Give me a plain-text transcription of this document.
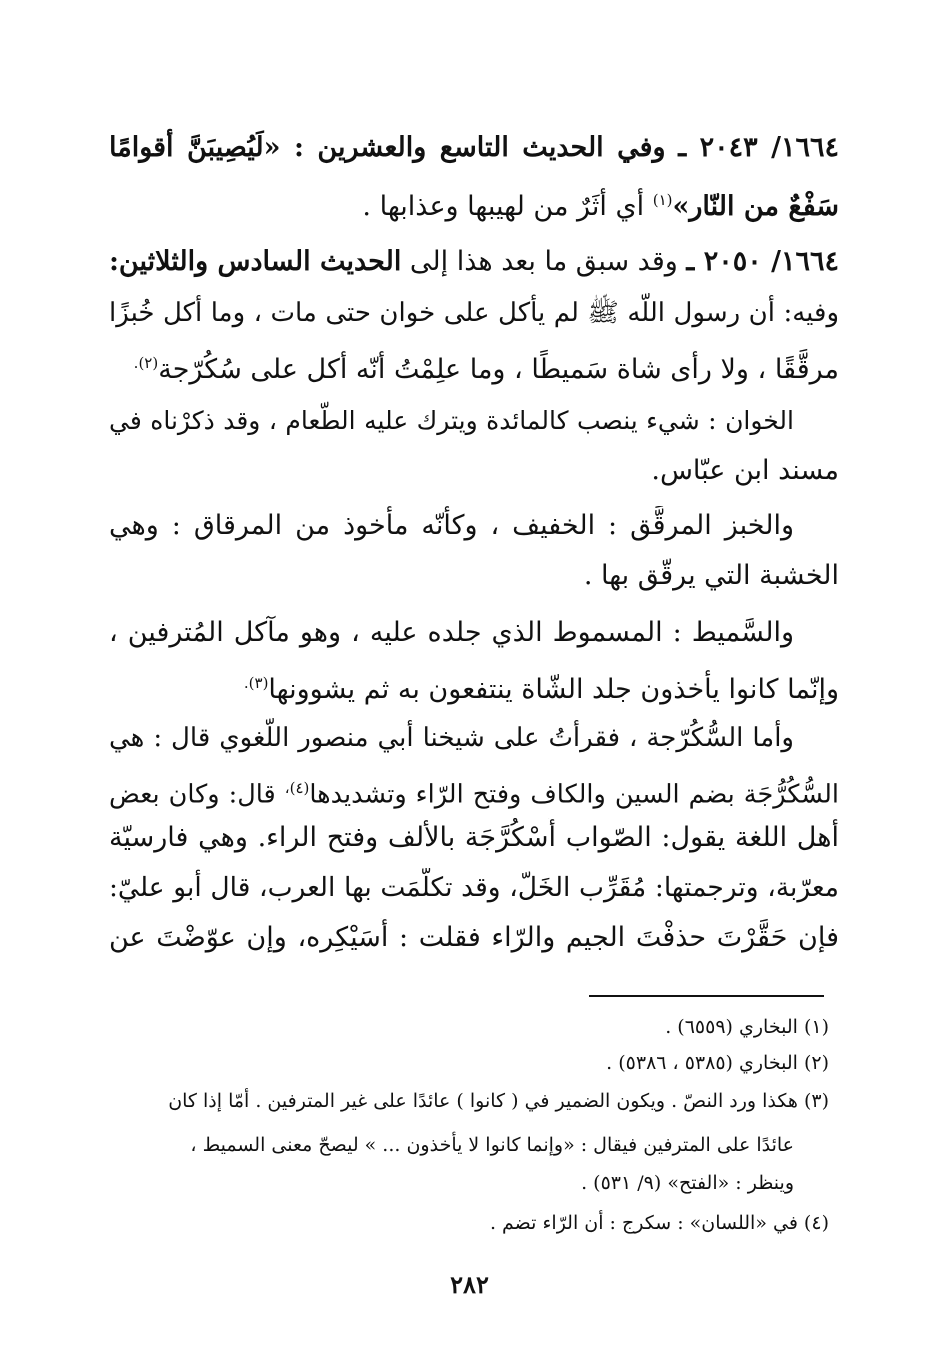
١٦٦٤/ ٢٠٤٣ ـ وفي الحديث التاسع والعشرين : «لَيُصِيبَنَّ أقوامًا
سَفْعٌ من النّار»$^{(١)}$ أي أثَرٌ من لهيبها وعذابها .
١٦٦٤َ/ ٢٠٥٠ ـ وقد سبق ما بعد هذا إلى الحديث السادس والثلاثين:
وفيه: أن رسول اللّه ﷺ لم يأكل على خوان حتى مات ، وما أكل خُبزًا
مرقَّقًا ، ولا رأى شاة سَميطًا ، وما علِمْتُ أنّه أكل على سُكُرّجة$^{(٢).}$
الخوان : شيء ينصب كالمائدة ويترك عليه الطّعام ، وقد ذكرْناه في
مسند ابن عبّاس.
والخبز المرقَّق : الخفيف ، وكأنّه مأخوذ من المرقاق : وهي
الخشبة التي يرقّق بها .
والسَّميط : المسموط الذي جلده عليه ، وهو مآكل المُترفين ،
وإنّما كانوا يأخذون جلد الشّاة ينتفعون به ثم يشوونها$^{(٣).}$
وأما السُّكُرّجة ، فقرأتُ على شيخنا أبي منصور اللُّغوي قال : هي
السُّكُرُّجَة بضم السين والكاف وفتح الرّاء وتشديدها$^{(٤)،}$ قال: وكان بعض
أهل اللغة يقول: الصّواب أُسْكُرَّجَة بالألف وفتح الراء. وهي فارسيّة
معرّبة، وترجمتها: مُقَرِّب الخَلّ، وقد تكلّمَت بها العرب، قال أبو عليّ:
فإن حَقَّرْتَ حذفْتَ الجيم والرّاء فقلت : أُسَيْكِره، وإن عوّضْتَ عن
(١) البخاري (٦٥٥٩) .
(٢) البخاري (٥٣٨٥ ، ٥٣٨٦) .
(٣) هكذا ورد النصّ . ويكون الضمير في ( كانوا ) عائدًا على غير المترفين . أمّا إذا كان
عائدًا على المترفين فيقال : «وإنما كانوا لا يأخذون ... » ليصحّ معنى السميط ،
وينظر : «الفتح» (٩/ ٥٣١) .
(٤) في «اللسان» : سكرج : أن الرّاء تضم .
٢٨٢
